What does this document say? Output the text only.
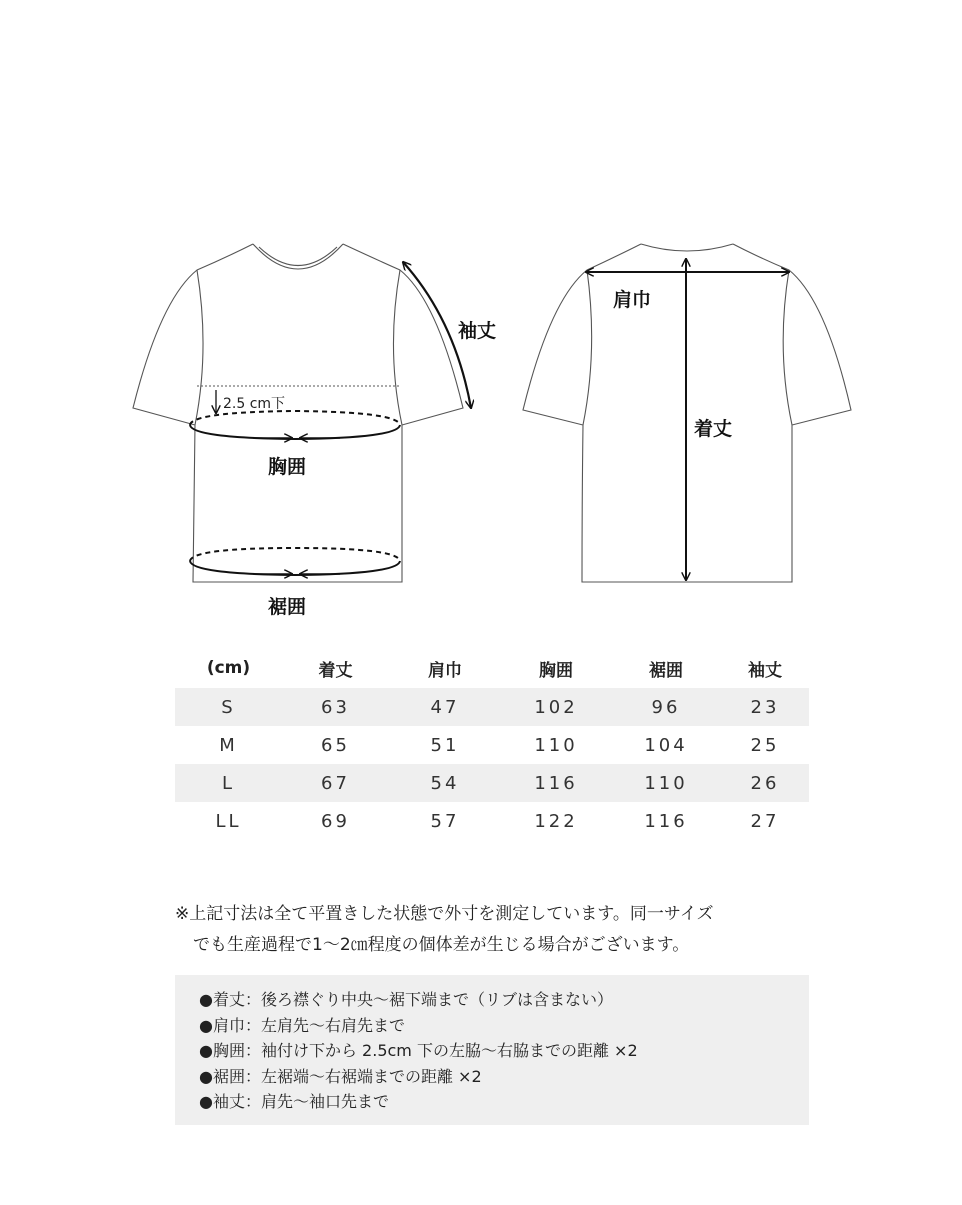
袖丈
2.5 cm下
胸囲
裾囲
肩巾
着丈
(cm)	着丈	肩巾	胸囲	裾囲	袖丈
S	63	47	102	96	23
M	65	51	110	104	25
L	67	54	116	110	26
LL	69	57	122	116	27
※上記寸法は全て平置きした状態で外寸を測定しています。同一サイズ
でも生産過程で1〜2㎝程度の個体差が生じる場合がございます。
●着丈：後ろ襟ぐり中央〜裾下端まで（リブは含まない）
●肩巾：左肩先〜右肩先まで
●胸囲：袖付け下から 2.5cm 下の左脇〜右脇までの距離 ×2
●裾囲：左裾端〜右裾端までの距離 ×2
●袖丈：肩先〜袖口先まで
